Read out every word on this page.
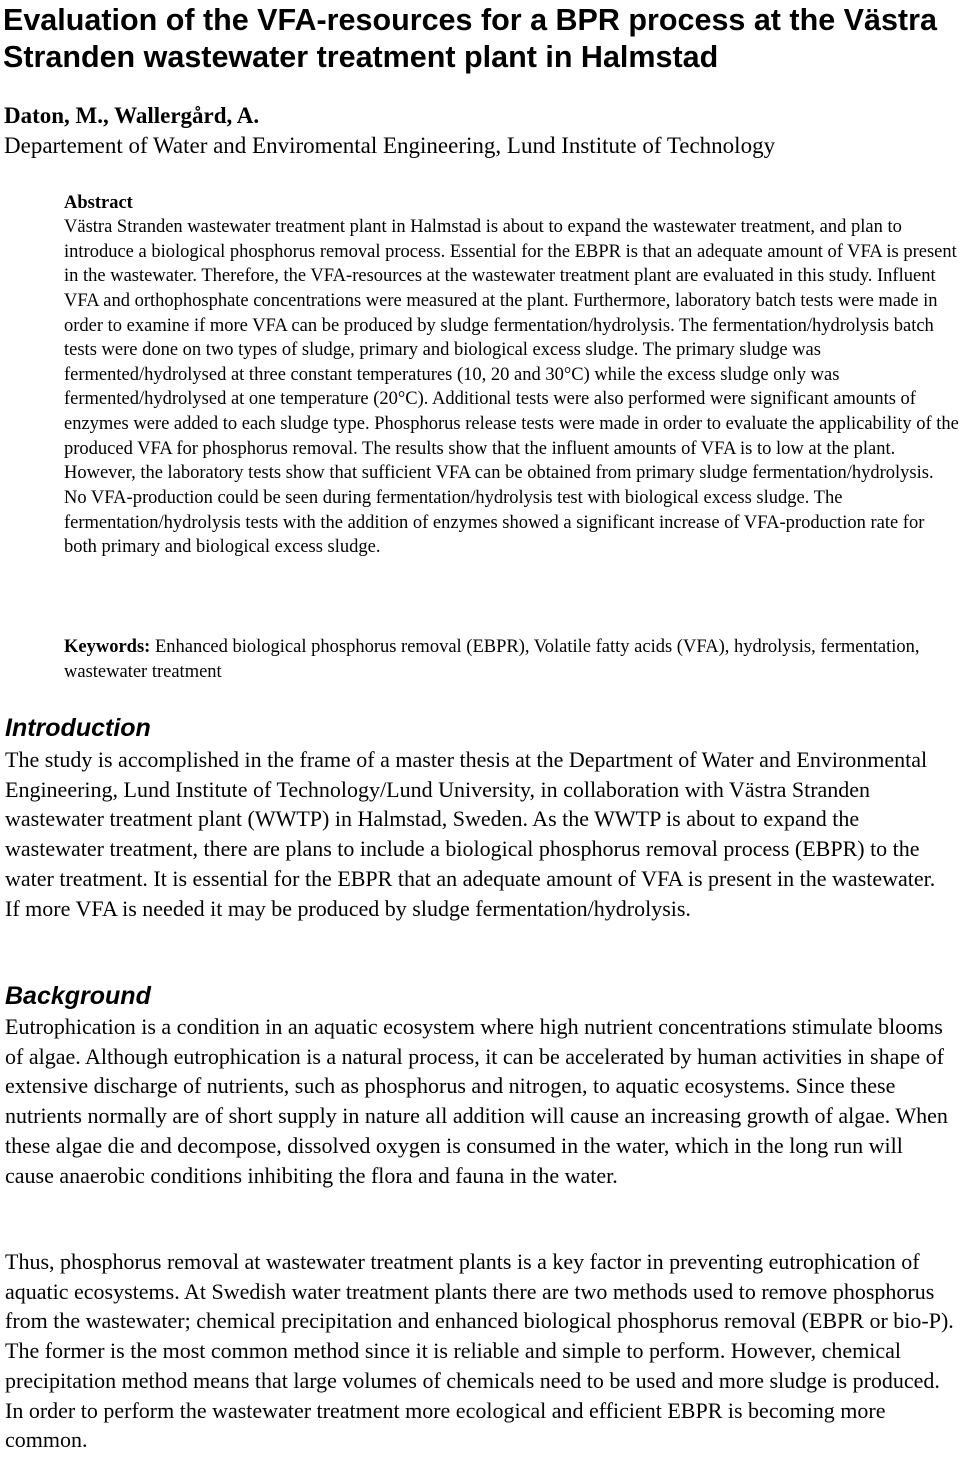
Evaluation of the VFA-resources for a BPR process at the Västra Stranden wastewater treatment plant in Halmstad

Daton, M., Wallergård, A.

Departement of Water and Enviromental Engineering, Lund Institute of Technology

Abstract

Västra Stranden wastewater treatment plant in Halmstad is about to expand the wastewater treatment, and plan to introduce a biological phosphorus removal process. Essential for the EBPR is that an adequate amount of VFA is present in the wastewater. Therefore, the VFA-resources at the wastewater treatment plant are evaluated in this study. Influent VFA and orthophosphate concentrations were measured at the plant. Furthermore, laboratory batch tests were made in order to examine if more VFA can be produced by sludge fermentation/hydrolysis. The fermentation/hydrolysis batch tests were done on two types of sludge, primary and biological excess sludge. The primary sludge was fermented/hydrolysed at three constant temperatures (10, 20 and 30°C) while the excess sludge only was fermented/hydrolysed at one temperature (20°C). Additional tests were also performed were significant amounts of enzymes were added to each sludge type. Phosphorus release tests were made in order to evaluate the applicability of the produced VFA for phosphorus removal. The results show that the influent amounts of VFA is to low at the plant. However, the laboratory tests show that sufficient VFA can be obtained from primary sludge fermentation/hydrolysis. No VFA-production could be seen during fermentation/hydrolysis test with biological excess sludge. The fermentation/hydrolysis tests with the addition of enzymes showed a significant increase of VFA-production rate for both primary and biological excess sludge.

Keywords: Enhanced biological phosphorus removal (EBPR), Volatile fatty acids (VFA), hydrolysis, fermentation, wastewater treatment

Introduction

The study is accomplished in the frame of a master thesis at the Department of Water and Environmental Engineering, Lund Institute of Technology/Lund University, in collaboration with Västra Stranden wastewater treatment plant (WWTP) in Halmstad, Sweden. As the WWTP is about to expand the wastewater treatment, there are plans to include a biological phosphorus removal process (EBPR) to the water treatment. It is essential for the EBPR that an adequate amount of VFA is present in the wastewater. If more VFA is needed it may be produced by sludge fermentation/hydrolysis.

Background

Eutrophication is a condition in an aquatic ecosystem where high nutrient concentrations stimulate blooms of algae. Although eutrophication is a natural process, it can be accelerated by human activities in shape of extensive discharge of nutrients, such as phosphorus and nitrogen, to aquatic ecosystems. Since these nutrients normally are of short supply in nature all addition will cause an increasing growth of algae. When these algae die and decompose, dissolved oxygen is consumed in the water, which in the long run will cause anaerobic conditions inhibiting the flora and fauna in the water.

Thus, phosphorus removal at wastewater treatment plants is a key factor in preventing eutrophication of aquatic ecosystems. At Swedish water treatment plants there are two methods used to remove phosphorus from the wastewater; chemical precipitation and enhanced biological phosphorus removal (EBPR or bio-P). The former is the most common method since it is reliable and simple to perform. However, chemical precipitation method means that large volumes of chemicals need to be used and more sludge is produced. In order to perform the wastewater treatment more ecological and efficient EBPR is becoming more common.
